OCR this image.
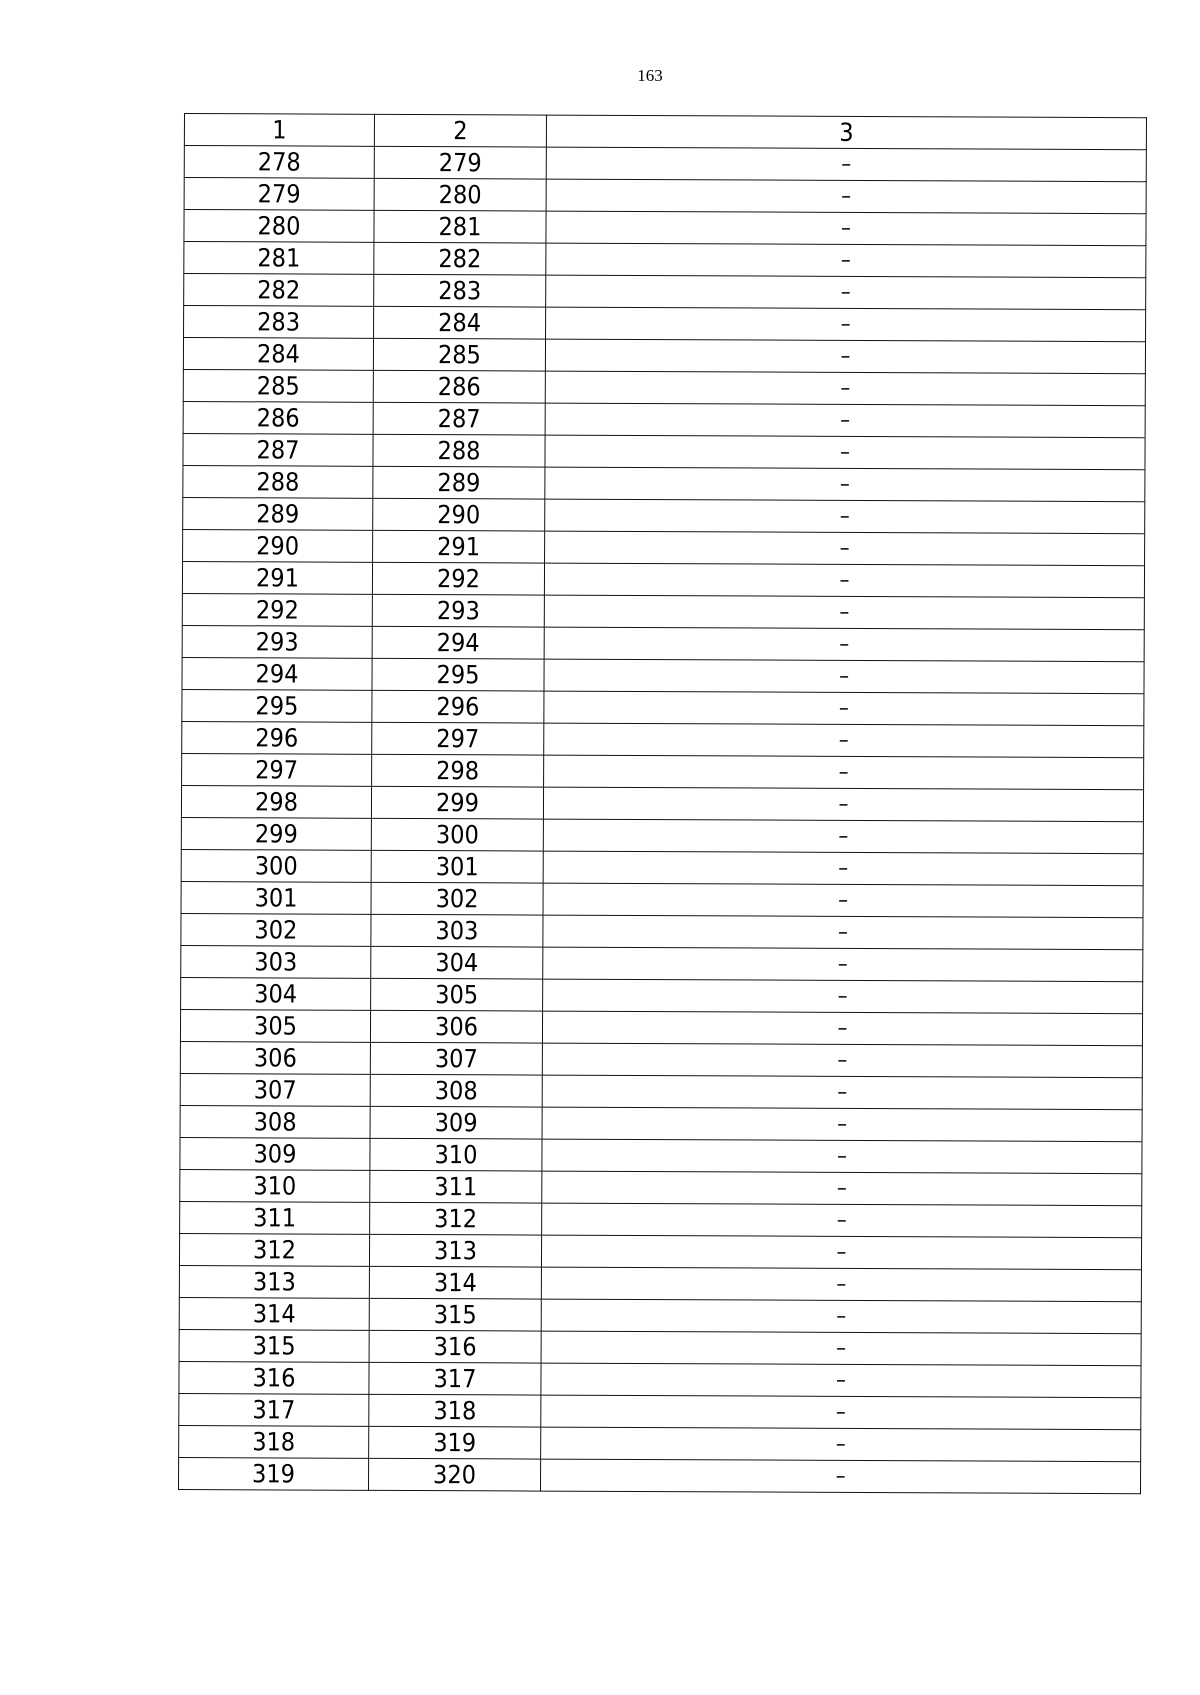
163
1	2	3
278	279	–
279	280	–
280	281	–
281	282	–
282	283	–
283	284	–
284	285	–
285	286	–
286	287	–
287	288	–
288	289	–
289	290	–
290	291	–
291	292	–
292	293	–
293	294	–
294	295	–
295	296	–
296	297	–
297	298	–
298	299	–
299	300	–
300	301	–
301	302	–
302	303	–
303	304	–
304	305	–
305	306	–
306	307	–
307	308	–
308	309	–
309	310	–
310	311	–
311	312	–
312	313	–
313	314	–
314	315	–
315	316	–
316	317	–
317	318	–
318	319	–
319	320	–
